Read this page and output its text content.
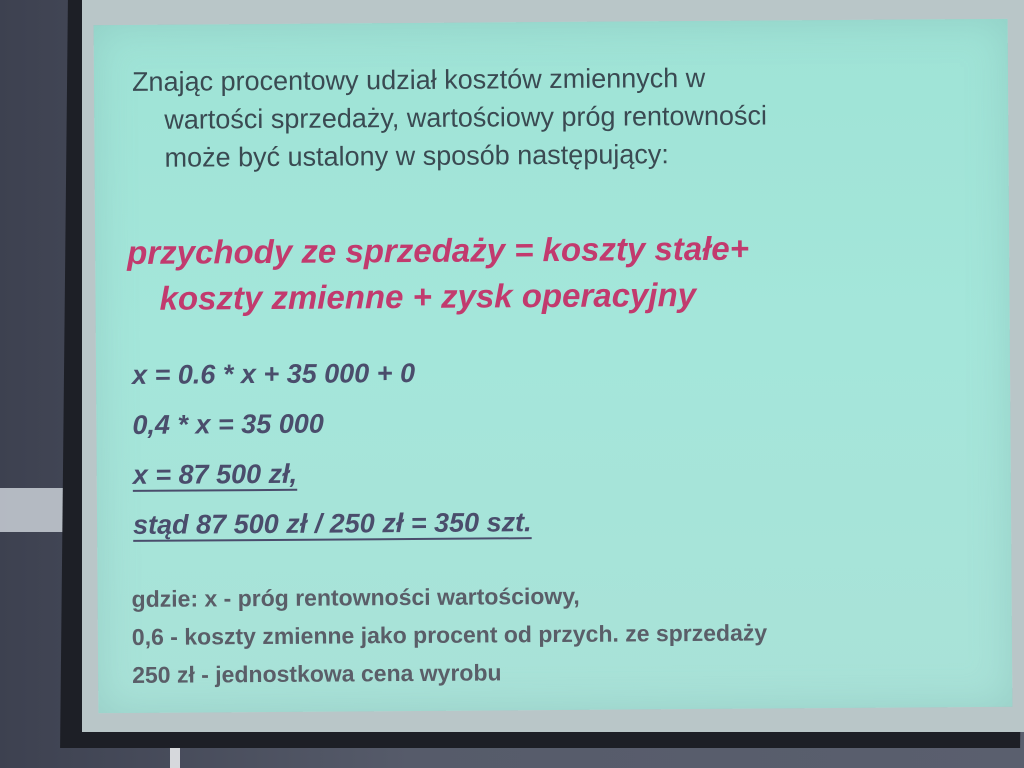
Znając procentowy udział kosztów zmiennych w
wartości sprzedaży, wartościowy próg rentowności
może być ustalony w sposób następujący:
przychody ze sprzedaży = koszty stałe+
koszty zmienne + zysk operacyjny
x = 0.6 * x + 35 000 + 0
0,4 * x = 35 000
x = 87 500 zł,
stąd 87 500 zł / 250 zł = 350 szt.
gdzie: x - próg rentowności wartościowy,
0,6 - koszty zmienne jako procent od przych. ze sprzedaży
250 zł - jednostkowa cena wyrobu
